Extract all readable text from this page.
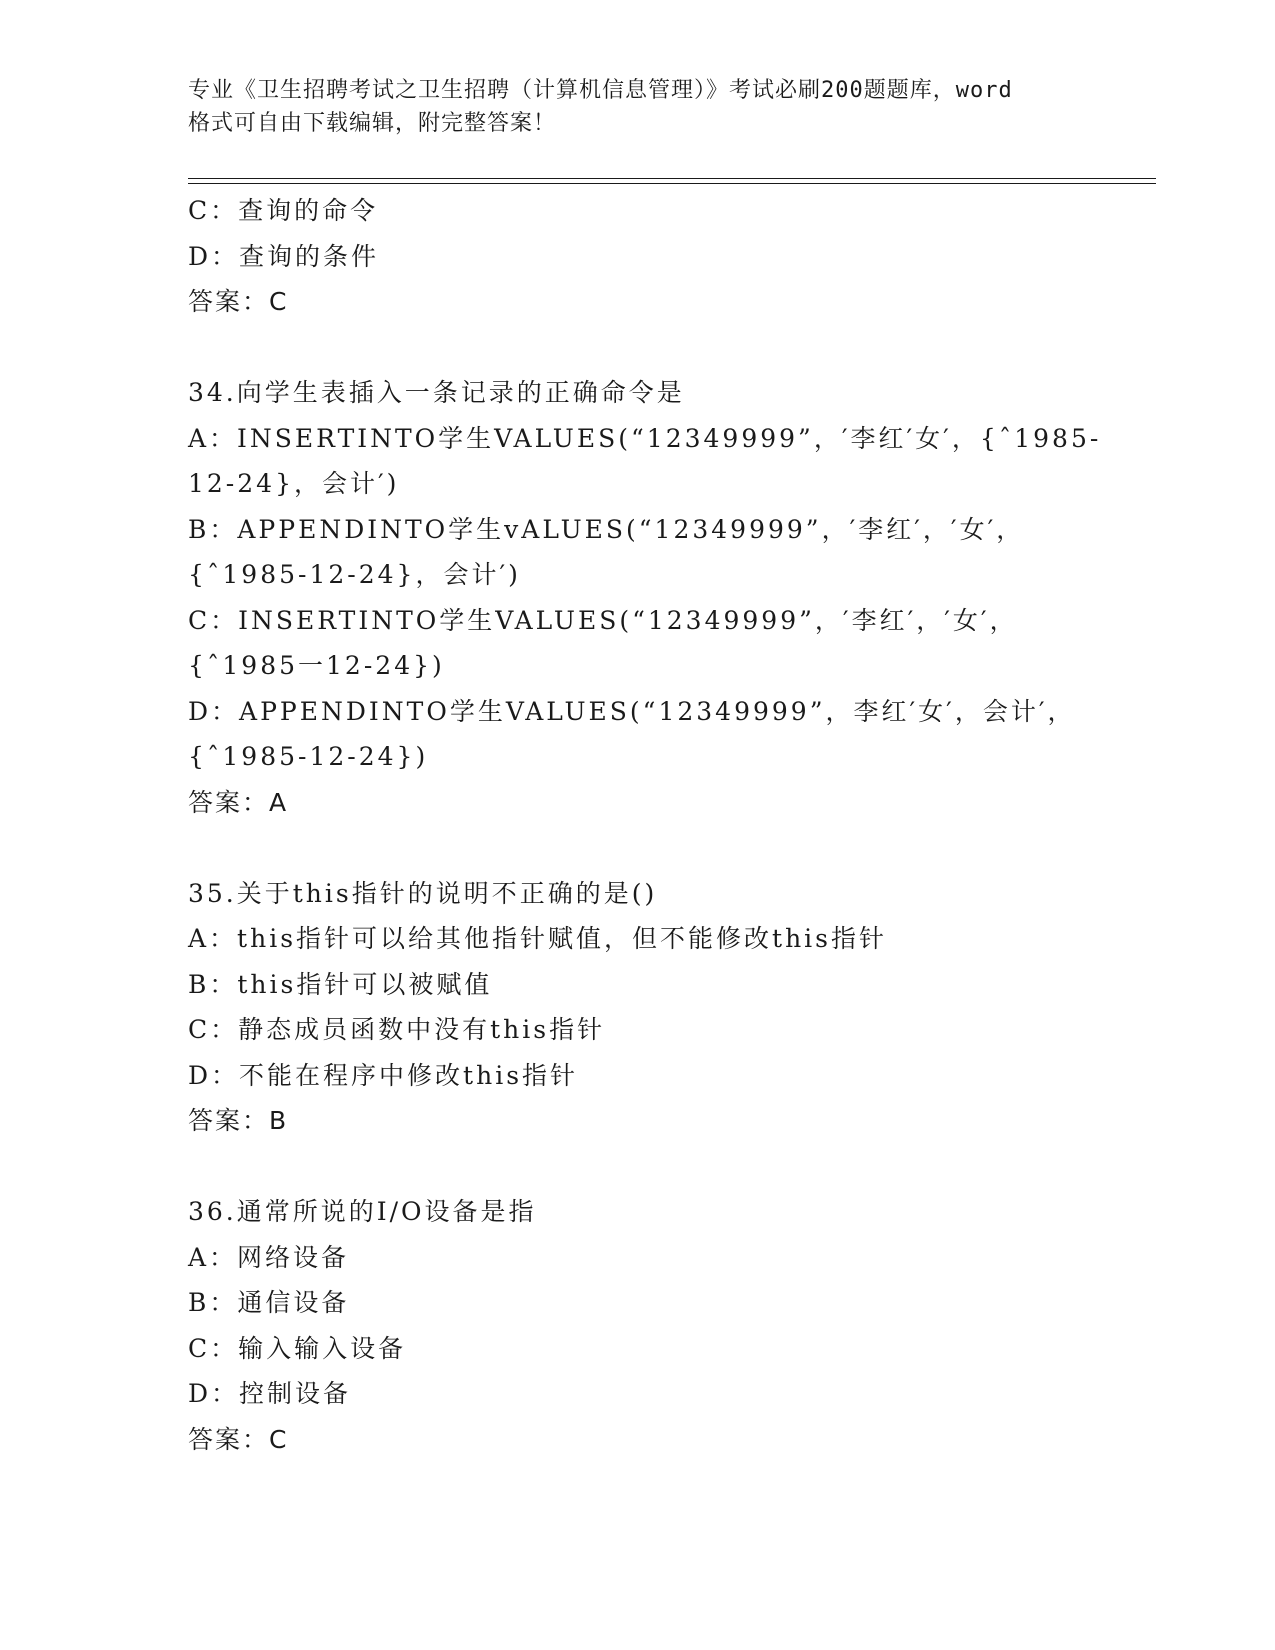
专业《卫生招聘考试之卫生招聘（计算机信息管理）》考试必刷200题题库，word
格式可自由下载编辑，附完整答案！
C：查询的命令
D：查询的条件
答案：C
34.向学生表插入一条记录的正确命令是
A：INSERTINTO学生VALUES(“12349999”，′李红′女′，{ˆ1985-
12-24}，会计′)
B：APPENDINTO学生vALUES(“12349999”，′李红′，′女′，
{ˆ1985-12-24}，会计′)
C：INSERTINTO学生VALUES(“12349999”，′李红′，′女′，
{ˆ1985一12-24})
D：APPENDINTO学生VALUES(“12349999”，李红′女′，会计′，
{ˆ1985-12-24})
答案：A
35.关于this指针的说明不正确的是()
A：this指针可以给其他指针赋值，但不能修改this指针
B：this指针可以被赋值
C：静态成员函数中没有this指针
D：不能在程序中修改this指针
答案：B
36.通常所说的I/O设备是指
A：网络设备
B：通信设备
C：输入输入设备
D：控制设备
答案：C
